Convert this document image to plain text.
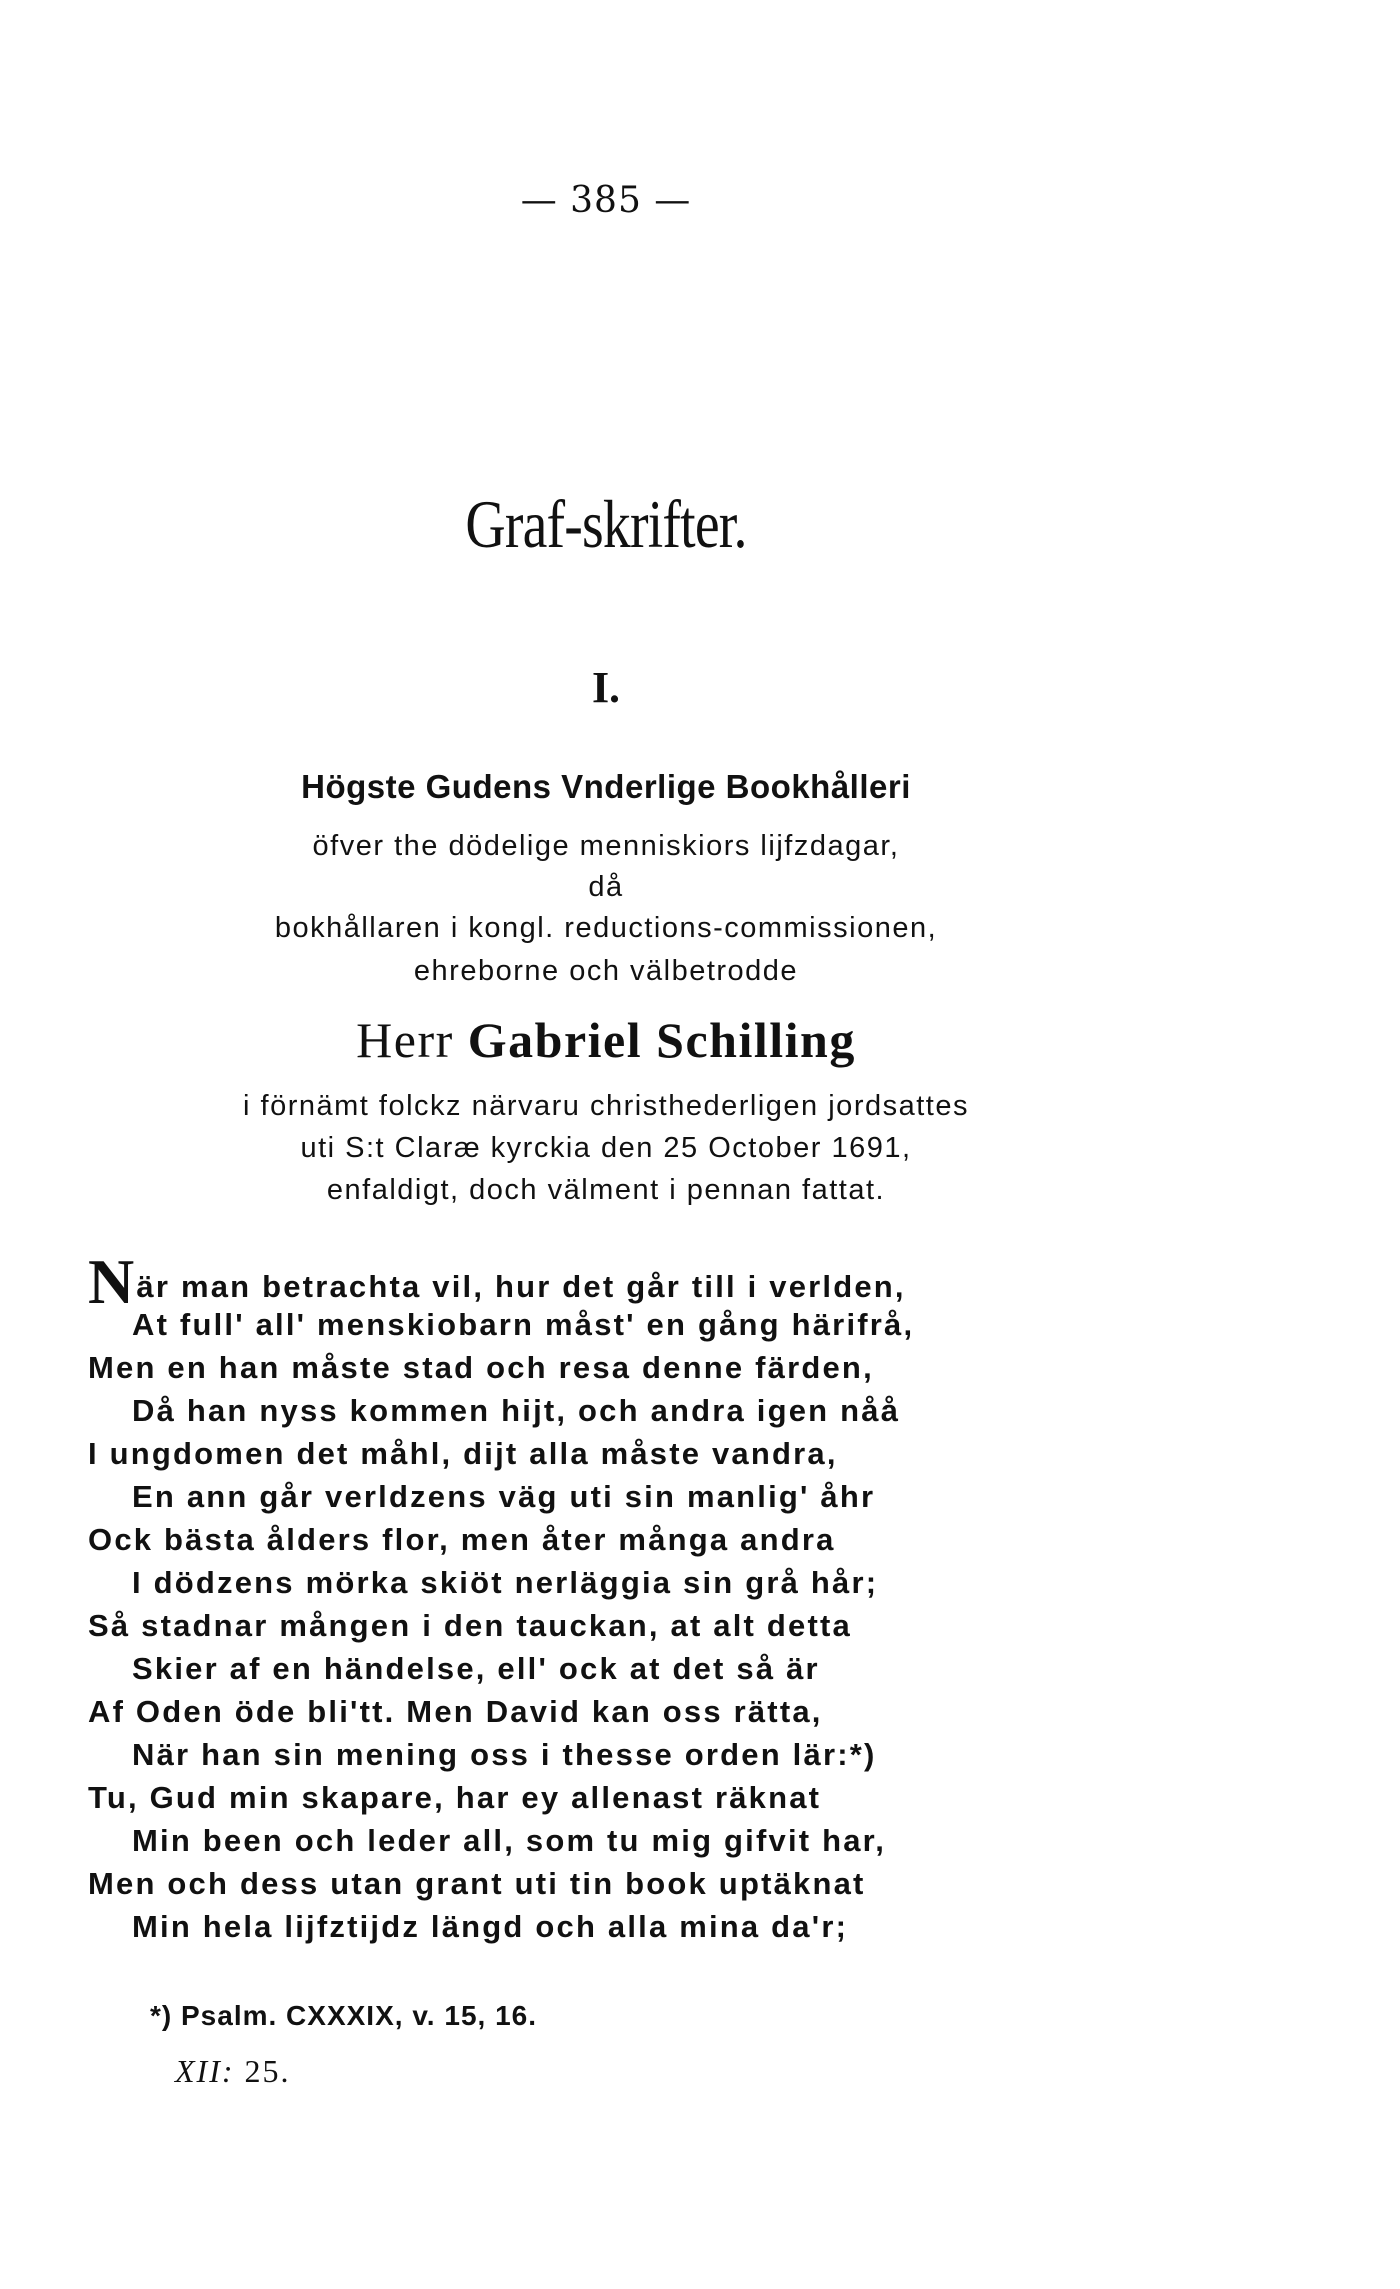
— 385 —
Graf-skrifter.
I.
Högste Gudens Vnderlige Bookhålleri
öfver the dödelige menniskiors lijfzdagar,
då
bokhållaren i kongl. reductions-commissionen,
ehreborne och välbetrodde
Herr Gabriel Schilling
i förnämt folckz närvaru christhederligen jordsattes
uti S:t Claræ kyrckia den 25 October 1691,
enfaldigt, doch välment i pennan fattat.
När man betrachta vil, hur det går till i verlden,
At full' all' menskiobarn måst' en gång härifrå,
Men en han måste stad och resa denne färden,
Då han nyss kommen hijt, och andra igen nåå
I ungdomen det måhl, dijt alla måste vandra,
En ann går verldzens väg uti sin manlig' åhr
Ock bästa ålders flor, men åter många andra
I dödzens mörka skiöt nerläggia sin grå hår;
Så stadnar mången i den tauckan, at alt detta
Skier af en händelse, ell' ock at det så är
Af Oden öde bli'tt. Men David kan oss rätta,
När han sin mening oss i thesse orden lär:*)
Tu, Gud min skapare, har ey allenast räknat
Min been och leder all, som tu mig gifvit har,
Men och dess utan grant uti tin book uptäknat
Min hela lijfztijdz längd och alla mina da'r;
*) Psalm. CXXXIX, v. 15, 16.
XII: 25.
